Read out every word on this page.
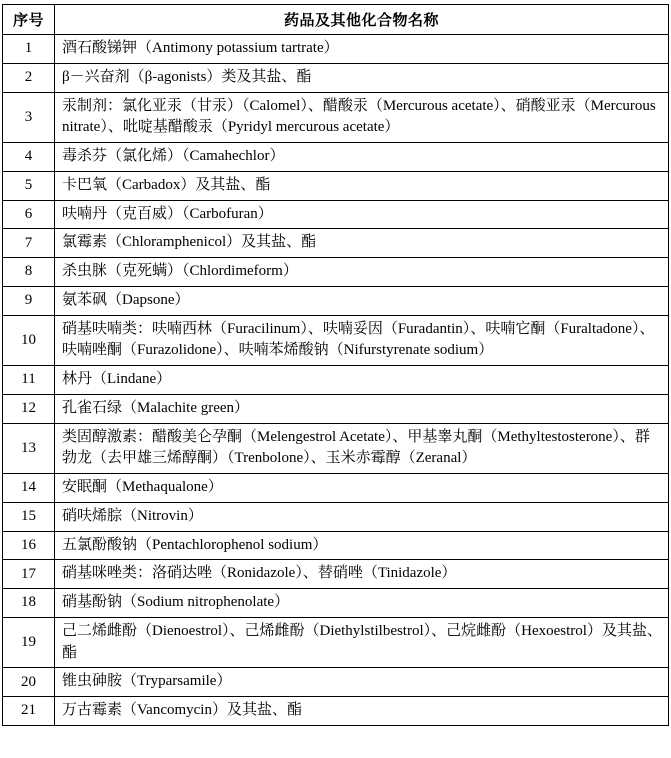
序号	药品及其他化合物名称
1	酒石酸锑钾（Antimony potassium tartrate）
2	β－兴奋剂（β-agonists）类及其盐、酯
3	汞制剂：氯化亚汞（甘汞）（Calomel）、醋酸汞（Mercurous acetate）、硝酸亚汞（Mercurous nitrate）、吡啶基醋酸汞（Pyridyl mercurous acetate）
4	毒杀芬（氯化烯）（Camahechlor）
5	卡巴氧（Carbadox）及其盐、酯
6	呋喃丹（克百威）（Carbofuran）
7	氯霉素（Chloramphenicol）及其盐、酯
8	杀虫脒（克死螨）（Chlordimeform）
9	氨苯砜（Dapsone）
10	硝基呋喃类：呋喃西林（Furacilinum）、呋喃妥因（Furadantin）、呋喃它酮（Furaltadone）、呋喃唑酮（Furazolidone）、呋喃苯烯酸钠（Nifurstyrenate sodium）
11	林丹（Lindane）
12	孔雀石绿（Malachite green）
13	类固醇激素：醋酸美仑孕酮（Melengestrol Acetate）、甲基睾丸酮（Methyltestosterone）、群勃龙（去甲雄三烯醇酮）（Trenbolone）、玉米赤霉醇（Zeranal）
14	安眠酮（Methaqualone）
15	硝呋烯腙（Nitrovin）
16	五氯酚酸钠（Pentachlorophenol sodium）
17	硝基咪唑类：洛硝达唑（Ronidazole）、替硝唑（Tinidazole）
18	硝基酚钠（Sodium nitrophenolate）
19	己二烯雌酚（Dienoestrol）、己烯雌酚（Diethylstilbestrol）、己烷雌酚（Hexoestrol）及其盐、酯
20	锥虫砷胺（Tryparsamile）
21	万古霉素（Vancomycin）及其盐、酯
